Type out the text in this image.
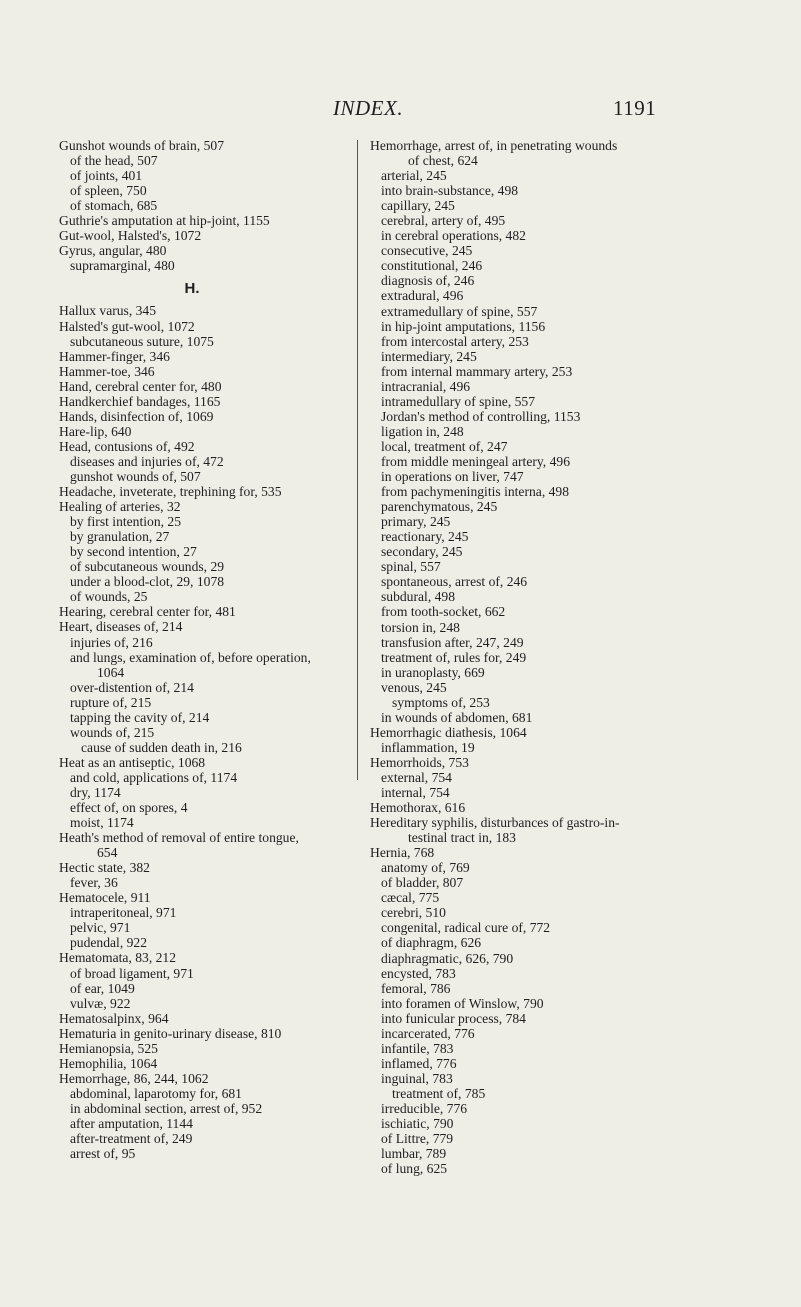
INDEX.	1191
Gunshot wounds of brain, 507
of the head, 507
of joints, 401
of spleen, 750
of stomach, 685
Guthrie's amputation at hip-joint, 1155
Gut-wool, Halsted's, 1072
Gyrus, angular, 480
supramarginal, 480
H.
Hallux varus, 345
Halsted's gut-wool, 1072
subcutaneous suture, 1075
Hammer-finger, 346
Hammer-toe, 346
Hand, cerebral center for, 480
Handkerchief bandages, 1165
Hands, disinfection of, 1069
Hare-lip, 640
Head, contusions of, 492
diseases and injuries of, 472
gunshot wounds of, 507
Headache, inveterate, trephining for, 535
Healing of arteries, 32
by first intention, 25
by granulation, 27
by second intention, 27
of subcutaneous wounds, 29
under a blood-clot, 29, 1078
of wounds, 25
Hearing, cerebral center for, 481
Heart, diseases of, 214
injuries of, 216
and lungs, examination of, before operation,
1064
over-distention of, 214
rupture of, 215
tapping the cavity of, 214
wounds of, 215
cause of sudden death in, 216
Heat as an antiseptic, 1068
and cold, applications of, 1174
dry, 1174
effect of, on spores, 4
moist, 1174
Heath's method of removal of entire tongue,
654
Hectic state, 382
fever, 36
Hematocele, 911
intraperitoneal, 971
pelvic, 971
pudendal, 922
Hematomata, 83, 212
of broad ligament, 971
of ear, 1049
vulvæ, 922
Hematosalpinx, 964
Hematuria in genito-urinary disease, 810
Hemianopsia, 525
Hemophilia, 1064
Hemorrhage, 86, 244, 1062
abdominal, laparotomy for, 681
in abdominal section, arrest of, 952
after amputation, 1144
after-treatment of, 249
arrest of, 95
Hemorrhage, arrest of, in penetrating wounds
of chest, 624
arterial, 245
into brain-substance, 498
capillary, 245
cerebral, artery of, 495
in cerebral operations, 482
consecutive, 245
constitutional, 246
diagnosis of, 246
extradural, 496
extramedullary of spine, 557
in hip-joint amputations, 1156
from intercostal artery, 253
intermediary, 245
from internal mammary artery, 253
intracranial, 496
intramedullary of spine, 557
Jordan's method of controlling, 1153
ligation in, 248
local, treatment of, 247
from middle meningeal artery, 496
in operations on liver, 747
from pachymeningitis interna, 498
parenchymatous, 245
primary, 245
reactionary, 245
secondary, 245
spinal, 557
spontaneous, arrest of, 246
subdural, 498
from tooth-socket, 662
torsion in, 248
transfusion after, 247, 249
treatment of, rules for, 249
in uranoplasty, 669
venous, 245
symptoms of, 253
in wounds of abdomen, 681
Hemorrhagic diathesis, 1064
inflammation, 19
Hemorrhoids, 753
external, 754
internal, 754
Hemothorax, 616
Hereditary syphilis, disturbances of gastro-in-
testinal tract in, 183
Hernia, 768
anatomy of, 769
of bladder, 807
cæcal, 775
cerebri, 510
congenital, radical cure of, 772
of diaphragm, 626
diaphragmatic, 626, 790
encysted, 783
femoral, 786
into foramen of Winslow, 790
into funicular process, 784
incarcerated, 776
infantile, 783
inflamed, 776
inguinal, 783
treatment of, 785
irreducible, 776
ischiatic, 790
of Littre, 779
lumbar, 789
of lung, 625
